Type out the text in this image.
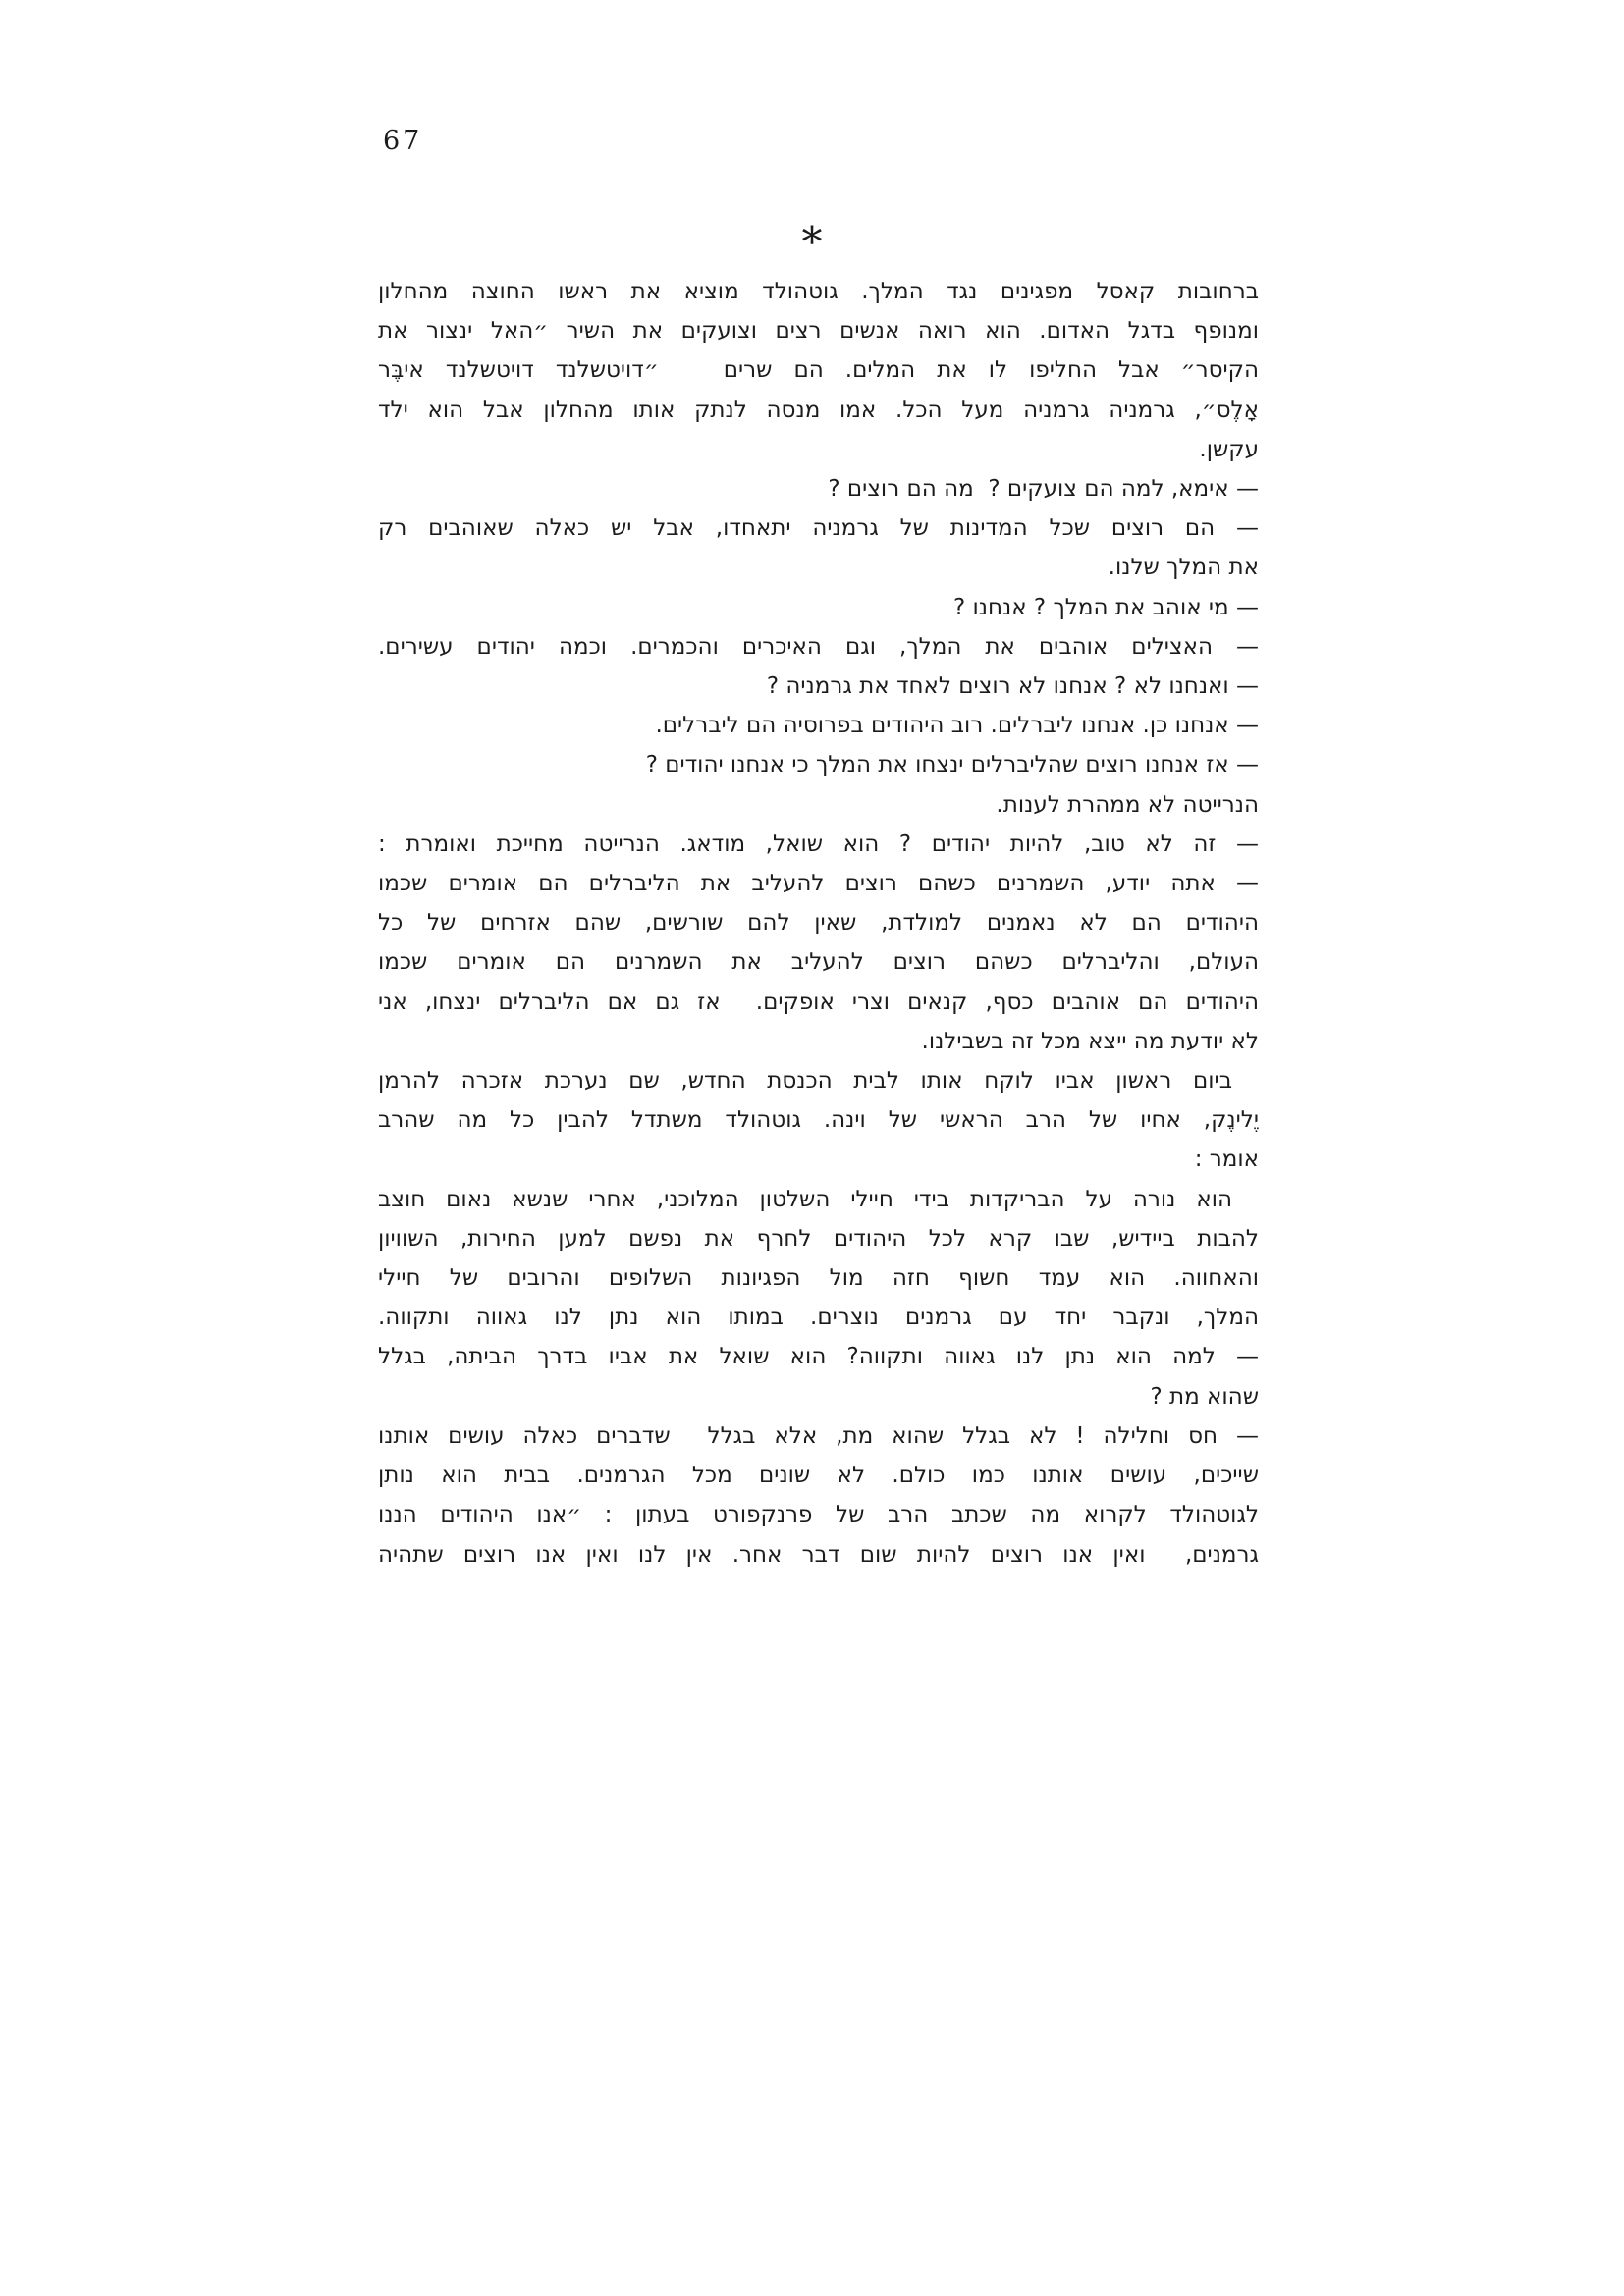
67
*
ברחובות קאסל מפגינים נגד המלך. גוטהולד מוציא את ראשו החוצה מהחלון
ומנופף בדגל האדום. הוא רואה אנשים רצים וצועקים את השיר ״האל ינצור את
הקיסר״ אבל החליפו לו את המלים. הם שרים   ״דויטשלנד דויטשלנד איבֶּר
אָלֶס״, גרמניה גרמניה מעל הכל. אמו מנסה לנתק אותו מהחלון אבל הוא ילד
עקשן.
— אימא, למה הם צועקים ?  מה הם רוצים ?
— הם רוצים שכל המדינות של גרמניה יתאחדו, אבל יש כאלה שאוהבים רק
את המלך שלנו.
— מי אוהב את המלך ? אנחנו ?
— האצילים אוהבים את המלך, וגם האיכרים והכמרים. וכמה יהודים עשירים.
— ואנחנו לא ? אנחנו לא רוצים לאחד את גרמניה ?
— אנחנו כן. אנחנו ליברלים. רוב היהודים בפרוסיה הם ליברלים.
— אז אנחנו רוצים שהליברלים ינצחו את המלך כי אנחנו יהודים ?
הנרייטה לא ממהרת לענות.
— זה לא טוב, להיות יהודים ? הוא שואל, מודאג. הנרייטה מחייכת ואומרת :
— אתה יודע, השמרנים כשהם רוצים להעליב את הליברלים הם אומרים שכמו
היהודים הם לא נאמנים למולדת, שאין להם שורשים, שהם אזרחים של כל
העולם, והליברלים כשהם רוצים להעליב את השמרנים הם אומרים שכמו
היהודים הם אוהבים כסף, קנאים וצרי אופקים.  אז גם אם הליברלים ינצחו, אני
לא יודעת מה ייצא מכל זה בשבילנו.
ביום ראשון אביו לוקח אותו לבית הכנסת החדש, שם נערכת אזכרה להרמן
יֶלינֶק, אחיו של הרב הראשי של וינה. גוטהולד משתדל להבין כל מה שהרב
אומר :
הוא נורה על הבריקדות בידי חיילי השלטון המלוכני, אחרי שנשא נאום חוצב
להבות ביידיש, שבו קרא לכל היהודים לחרף את נפשם למען החירות, השוויון
והאחווה. הוא עמד חשוף חזה מול הפגיונות השלופים והרובים של חיילי
המלך, ונקבר יחד עם גרמנים נוצרים. במותו הוא נתן לנו גאווה ותקווה.
— למה הוא נתן לנו גאווה ותקווה? הוא שואל את אביו בדרך הביתה, בגלל
שהוא מת ?
— חס וחלילה ! לא בגלל שהוא מת, אלא בגלל  שדברים כאלה עושים אותנו
שייכים, עושים אותנו כמו כולם. לא שונים מכל הגרמנים. בבית הוא נותן
לגוטהולד לקרוא מה שכתב הרב של פרנקפורט בעתון : ״אנו היהודים הננו
גרמנים,  ואין אנו רוצים להיות שום דבר אחר. אין לנו ואין אנו רוצים שתהיה
